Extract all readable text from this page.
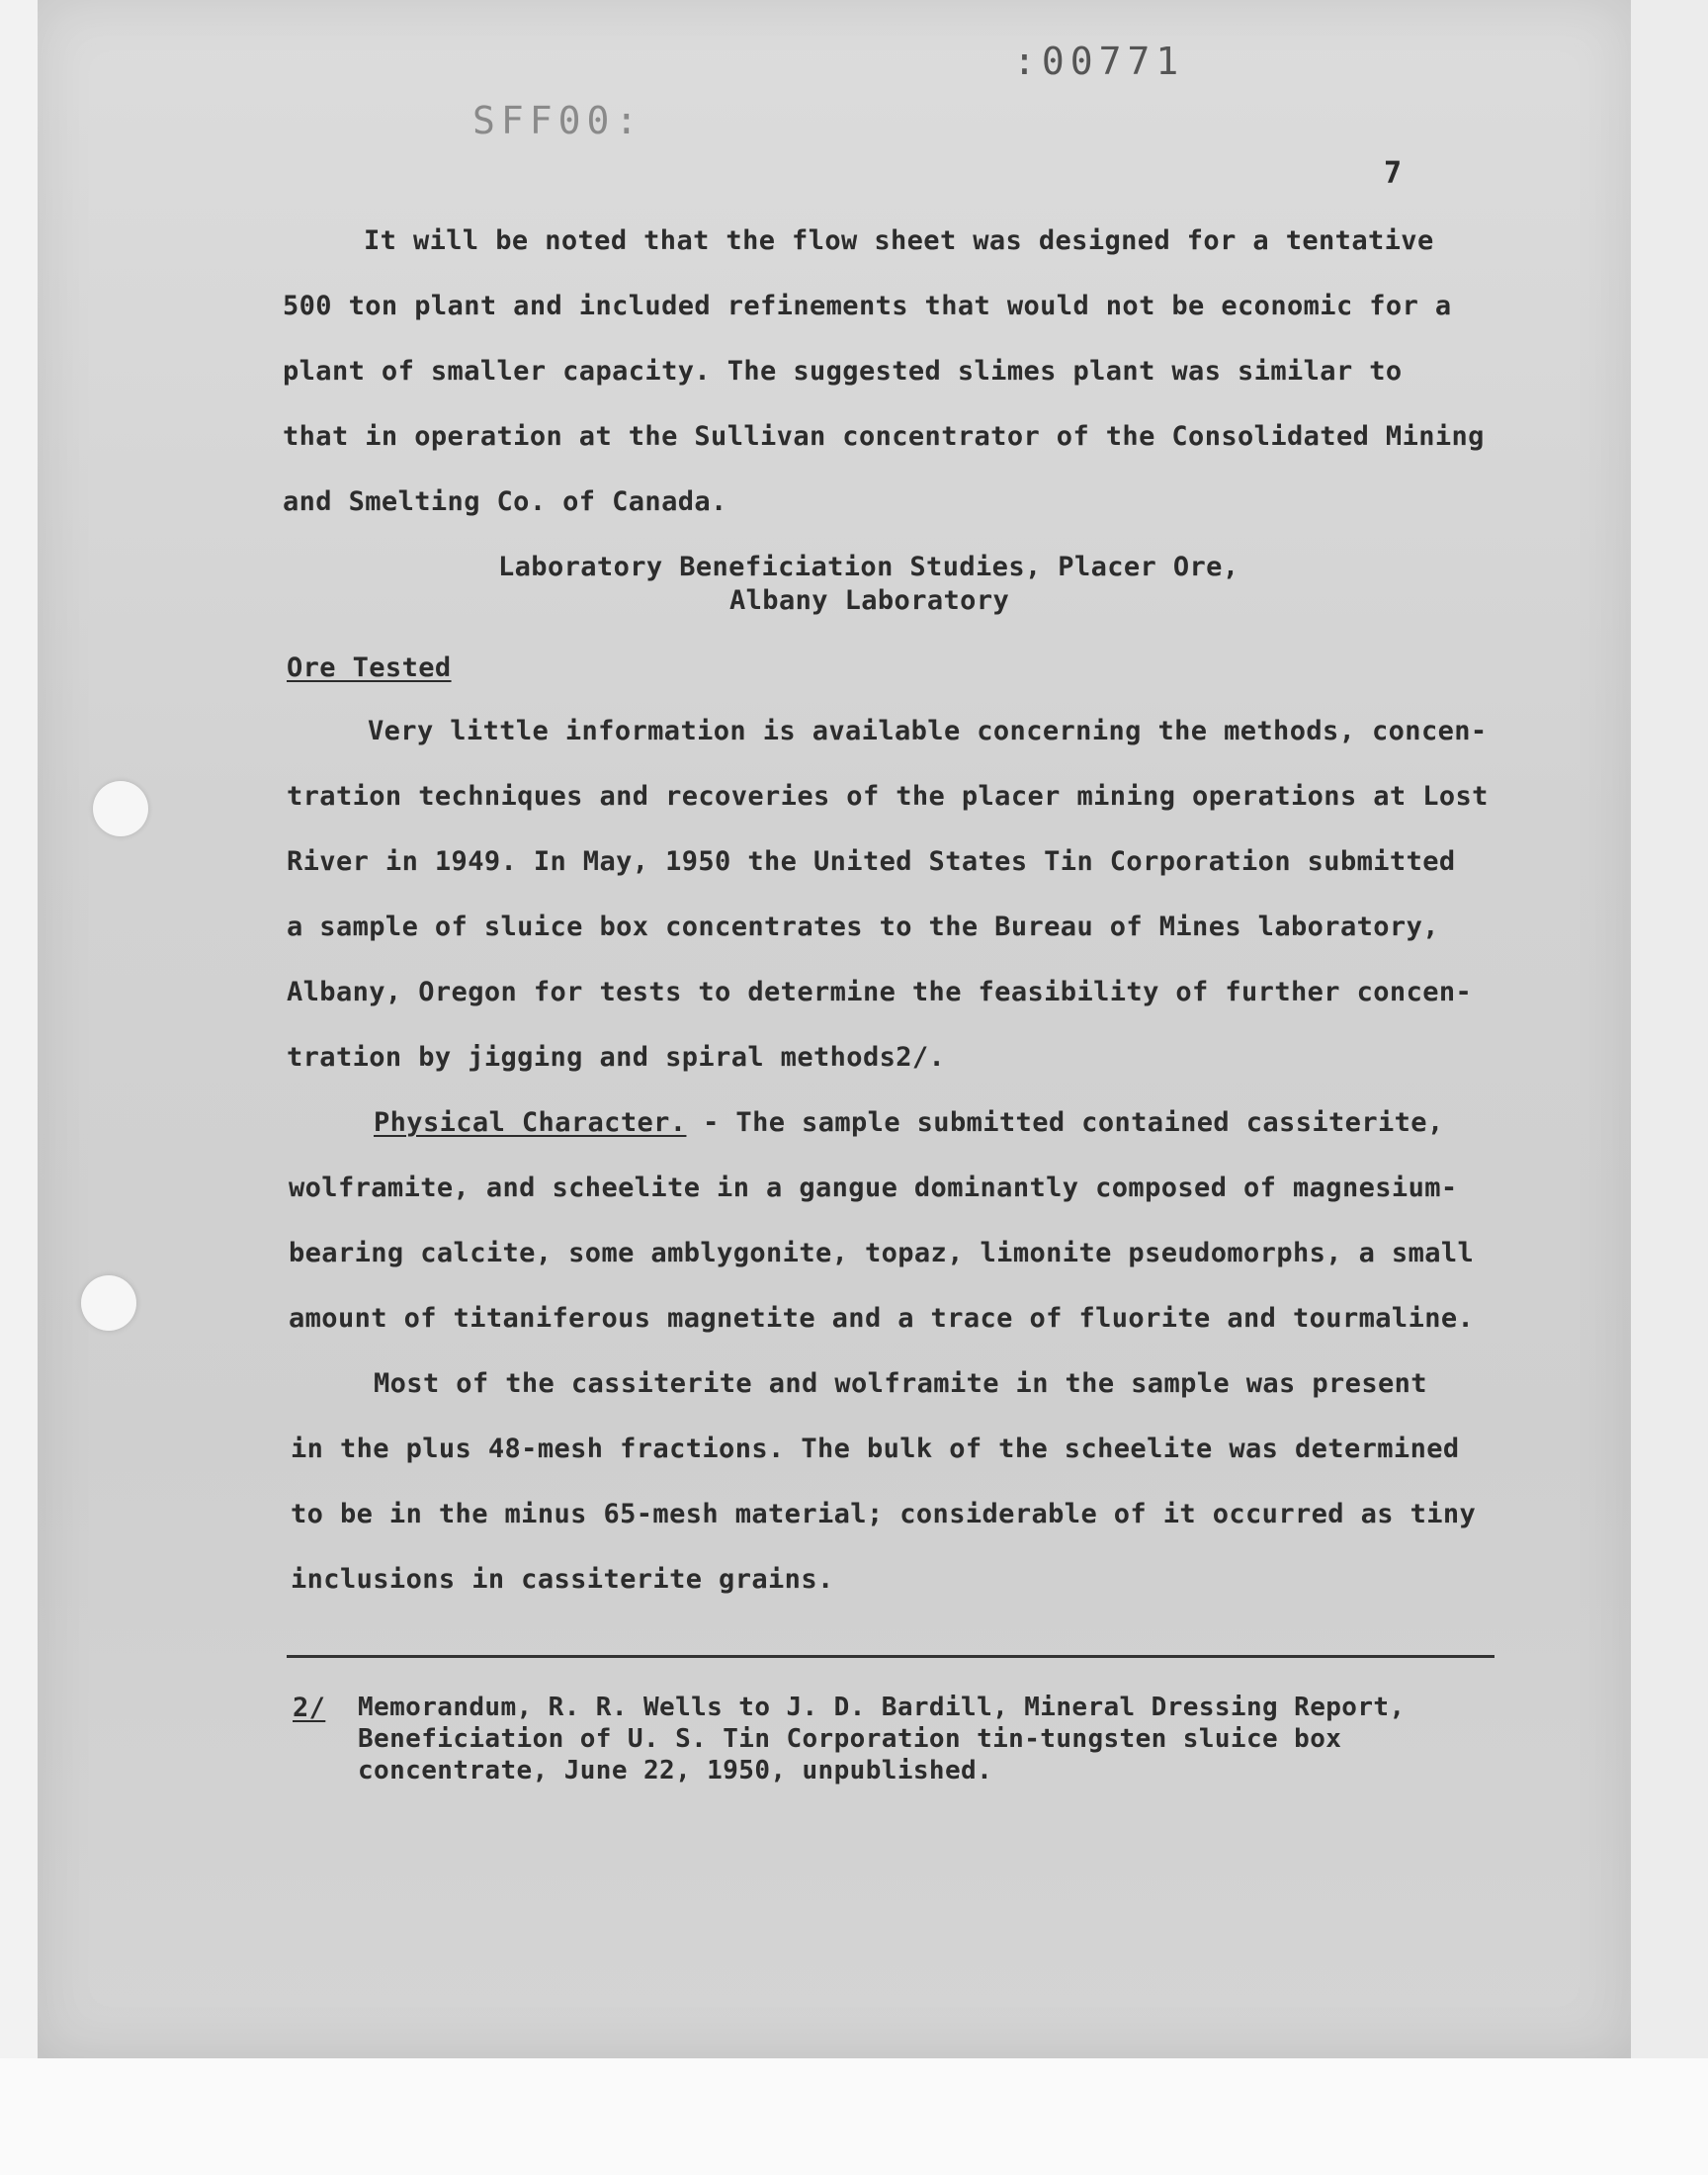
:00771
SFF00:
7
It will be noted that the flow sheet was designed for a tentative
500 ton plant and included refinements that would not be economic for a
plant of smaller capacity. The suggested slimes plant was similar to
that in operation at the Sullivan concentrator of the Consolidated Mining
and Smelting Co. of Canada.
Laboratory Beneficiation Studies, Placer Ore,
Albany Laboratory
Ore Tested
Very little information is available concerning the methods, concen-
tration techniques and recoveries of the placer mining operations at Lost
River in 1949. In May, 1950 the United States Tin Corporation submitted
a sample of sluice box concentrates to the Bureau of Mines laboratory,
Albany, Oregon for tests to determine the feasibility of further concen-
tration by jigging and spiral methods2/.
Physical Character. - The sample submitted contained cassiterite,
wolframite, and scheelite in a gangue dominantly composed of magnesium-
bearing calcite, some amblygonite, topaz, limonite pseudomorphs, a small
amount of titaniferous magnetite and a trace of fluorite and tourmaline.
Most of the cassiterite and wolframite in the sample was present
in the plus 48-mesh fractions. The bulk of the scheelite was determined
to be in the minus 65-mesh material; considerable of it occurred as tiny
inclusions in cassiterite grains.
2/ Memorandum, R. R. Wells to J. D. Bardill, Mineral Dressing Report,
Beneficiation of U. S. Tin Corporation tin-tungsten sluice box
concentrate, June 22, 1950, unpublished.
